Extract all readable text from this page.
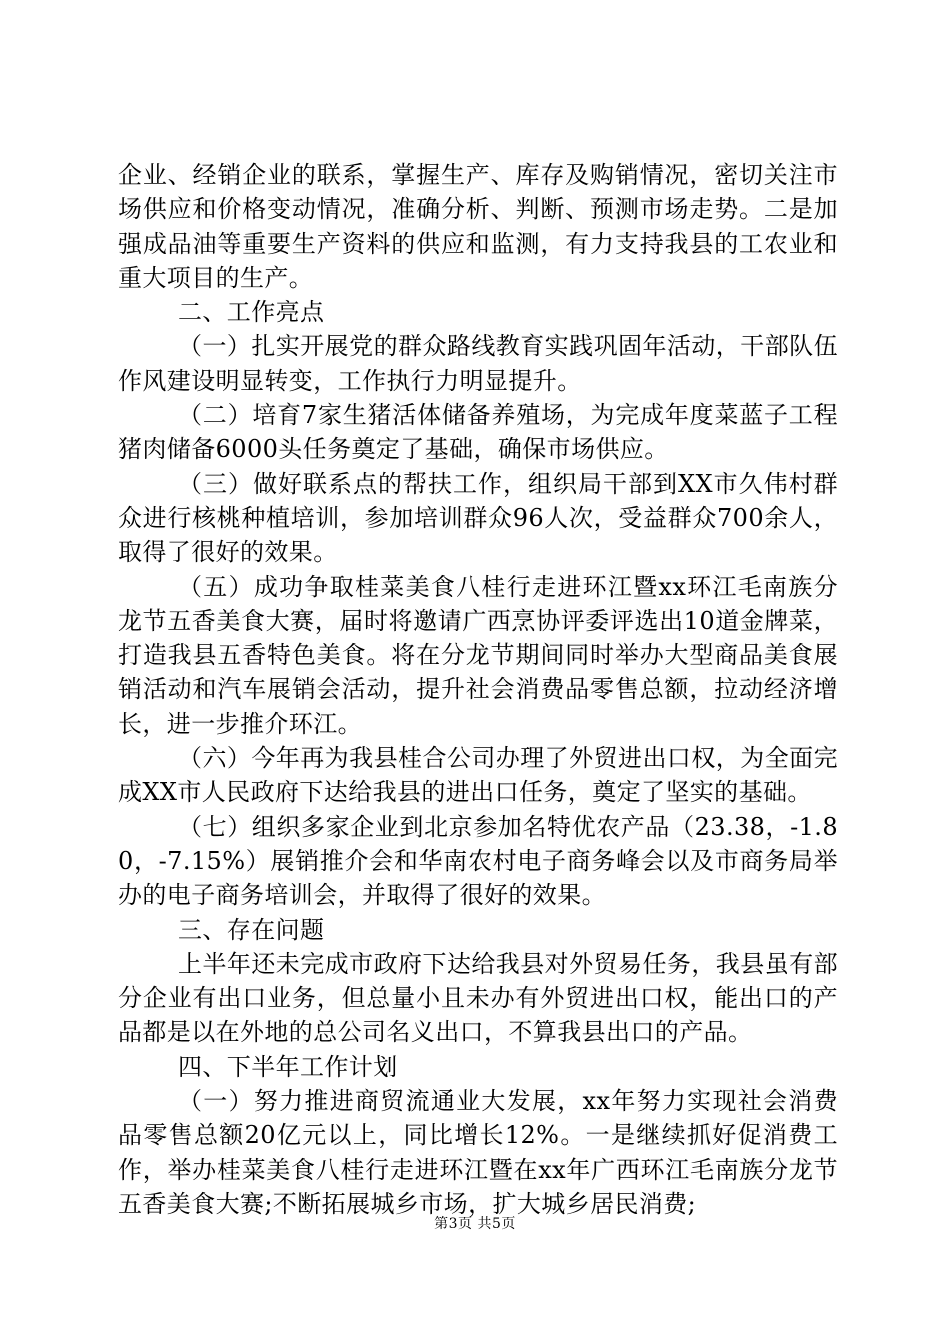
企业、经销企业的联系，掌握生产、库存及购销情况，密切关注市场供应和价格变动情况，准确分析、判断、预测市场走势。二是加强成品油等重要生产资料的供应和监测，有力支持我县的工农业和重大项目的生产。

二、工作亮点

（一）扎实开展党的群众路线教育实践巩固年活动，干部队伍作风建设明显转变，工作执行力明显提升。

（二）培育7家生猪活体储备养殖场，为完成年度菜蓝子工程猪肉储备6000头任务奠定了基础，确保市场供应。

（三）做好联系点的帮扶工作，组织局干部到XX市久伟村群众进行核桃种植培训，参加培训群众96人次，受益群众700余人，取得了很好的效果。

（五）成功争取桂菜美食八桂行走进环江暨xx环江毛南族分龙节五香美食大赛，届时将邀请广西烹协评委评选出10道金牌菜，打造我县五香特色美食。将在分龙节期间同时举办大型商品美食展销活动和汽车展销会活动，提升社会消费品零售总额，拉动经济增长，进一步推介环江。

（六）今年再为我县桂合公司办理了外贸进出口权，为全面完成XX市人民政府下达给我县的进出口任务，奠定了坚实的基础。

（七）组织多家企业到北京参加名特优农产品（23.38，-1.80，-7.15%）展销推介会和华南农村电子商务峰会以及市商务局举办的电子商务培训会，并取得了很好的效果。

三、存在问题

上半年还未完成市政府下达给我县对外贸易任务，我县虽有部分企业有出口业务，但总量小且未办有外贸进出口权，能出口的产品都是以在外地的总公司名义出口，不算我县出口的产品。

四、下半年工作计划

（一）努力推进商贸流通业大发展，xx年努力实现社会消费品零售总额20亿元以上，同比增长12%。一是继续抓好促消费工作，举办桂菜美食八桂行走进环江暨在xx年广西环江毛南族分龙节五香美食大赛;不断拓展城乡市场，扩大城乡居民消费;

第3页 共5页
